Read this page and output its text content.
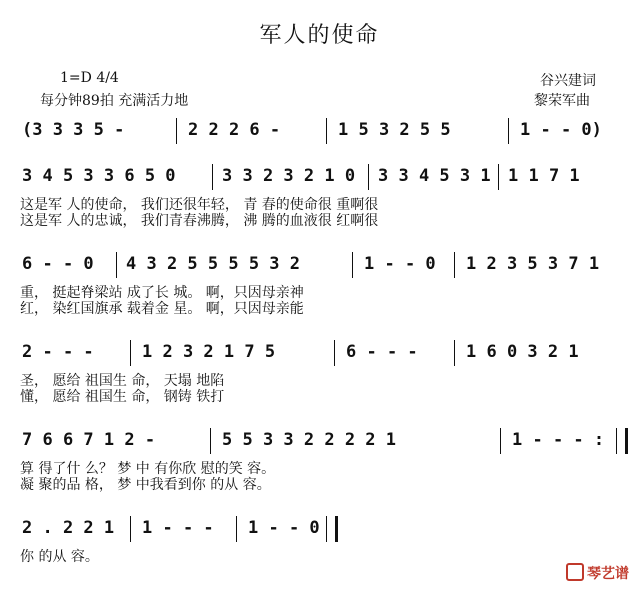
军人的使命
1=D 4/4
每分钟89拍 充满活力地
谷兴建词
黎荣军曲
(3 3 3 5 -	2 2 2 6 -	1 5 3 2 5 5	1 - - 0)
3 4 5 3 3 6 5 0	3 3 2 3 2 1 0 3 3 4 5 3 1 1 1 7 1
这是军 人的使命， 我们还很年轻， 青 春的使命很 重啊很
这是军 人的忠诚， 我们青春沸腾， 沸 腾的血液很 红啊很
6 - - 0 4 3 2 5 5 5 5 3 2	1 - - 0 1 2 3 5 3 7 1
重， 挺起脊梁站 成了长 城。 啊，只因母亲神
红， 染红国旗承 载着金 星。 啊，只因母亲能
2 - - -	1 2 3 2 1 7 5	6 - - -	1 6 0 3 2 1
圣， 愿给 祖国生 命， 天塌 地陷
懂， 愿给 祖国生 命， 钢铸 铁打
7 6 6 7 1 2 -	5 5 3 3 2 2 2 2 1	1 - - - :
算 得了什 么？ 梦 中 有你欣 慰的笑 容。
凝 聚的品 格， 梦 中我看到你 的从 容。
2 . 2 2 1 1 - - - 1 - - 0
你 的从 容。
琴艺谱
